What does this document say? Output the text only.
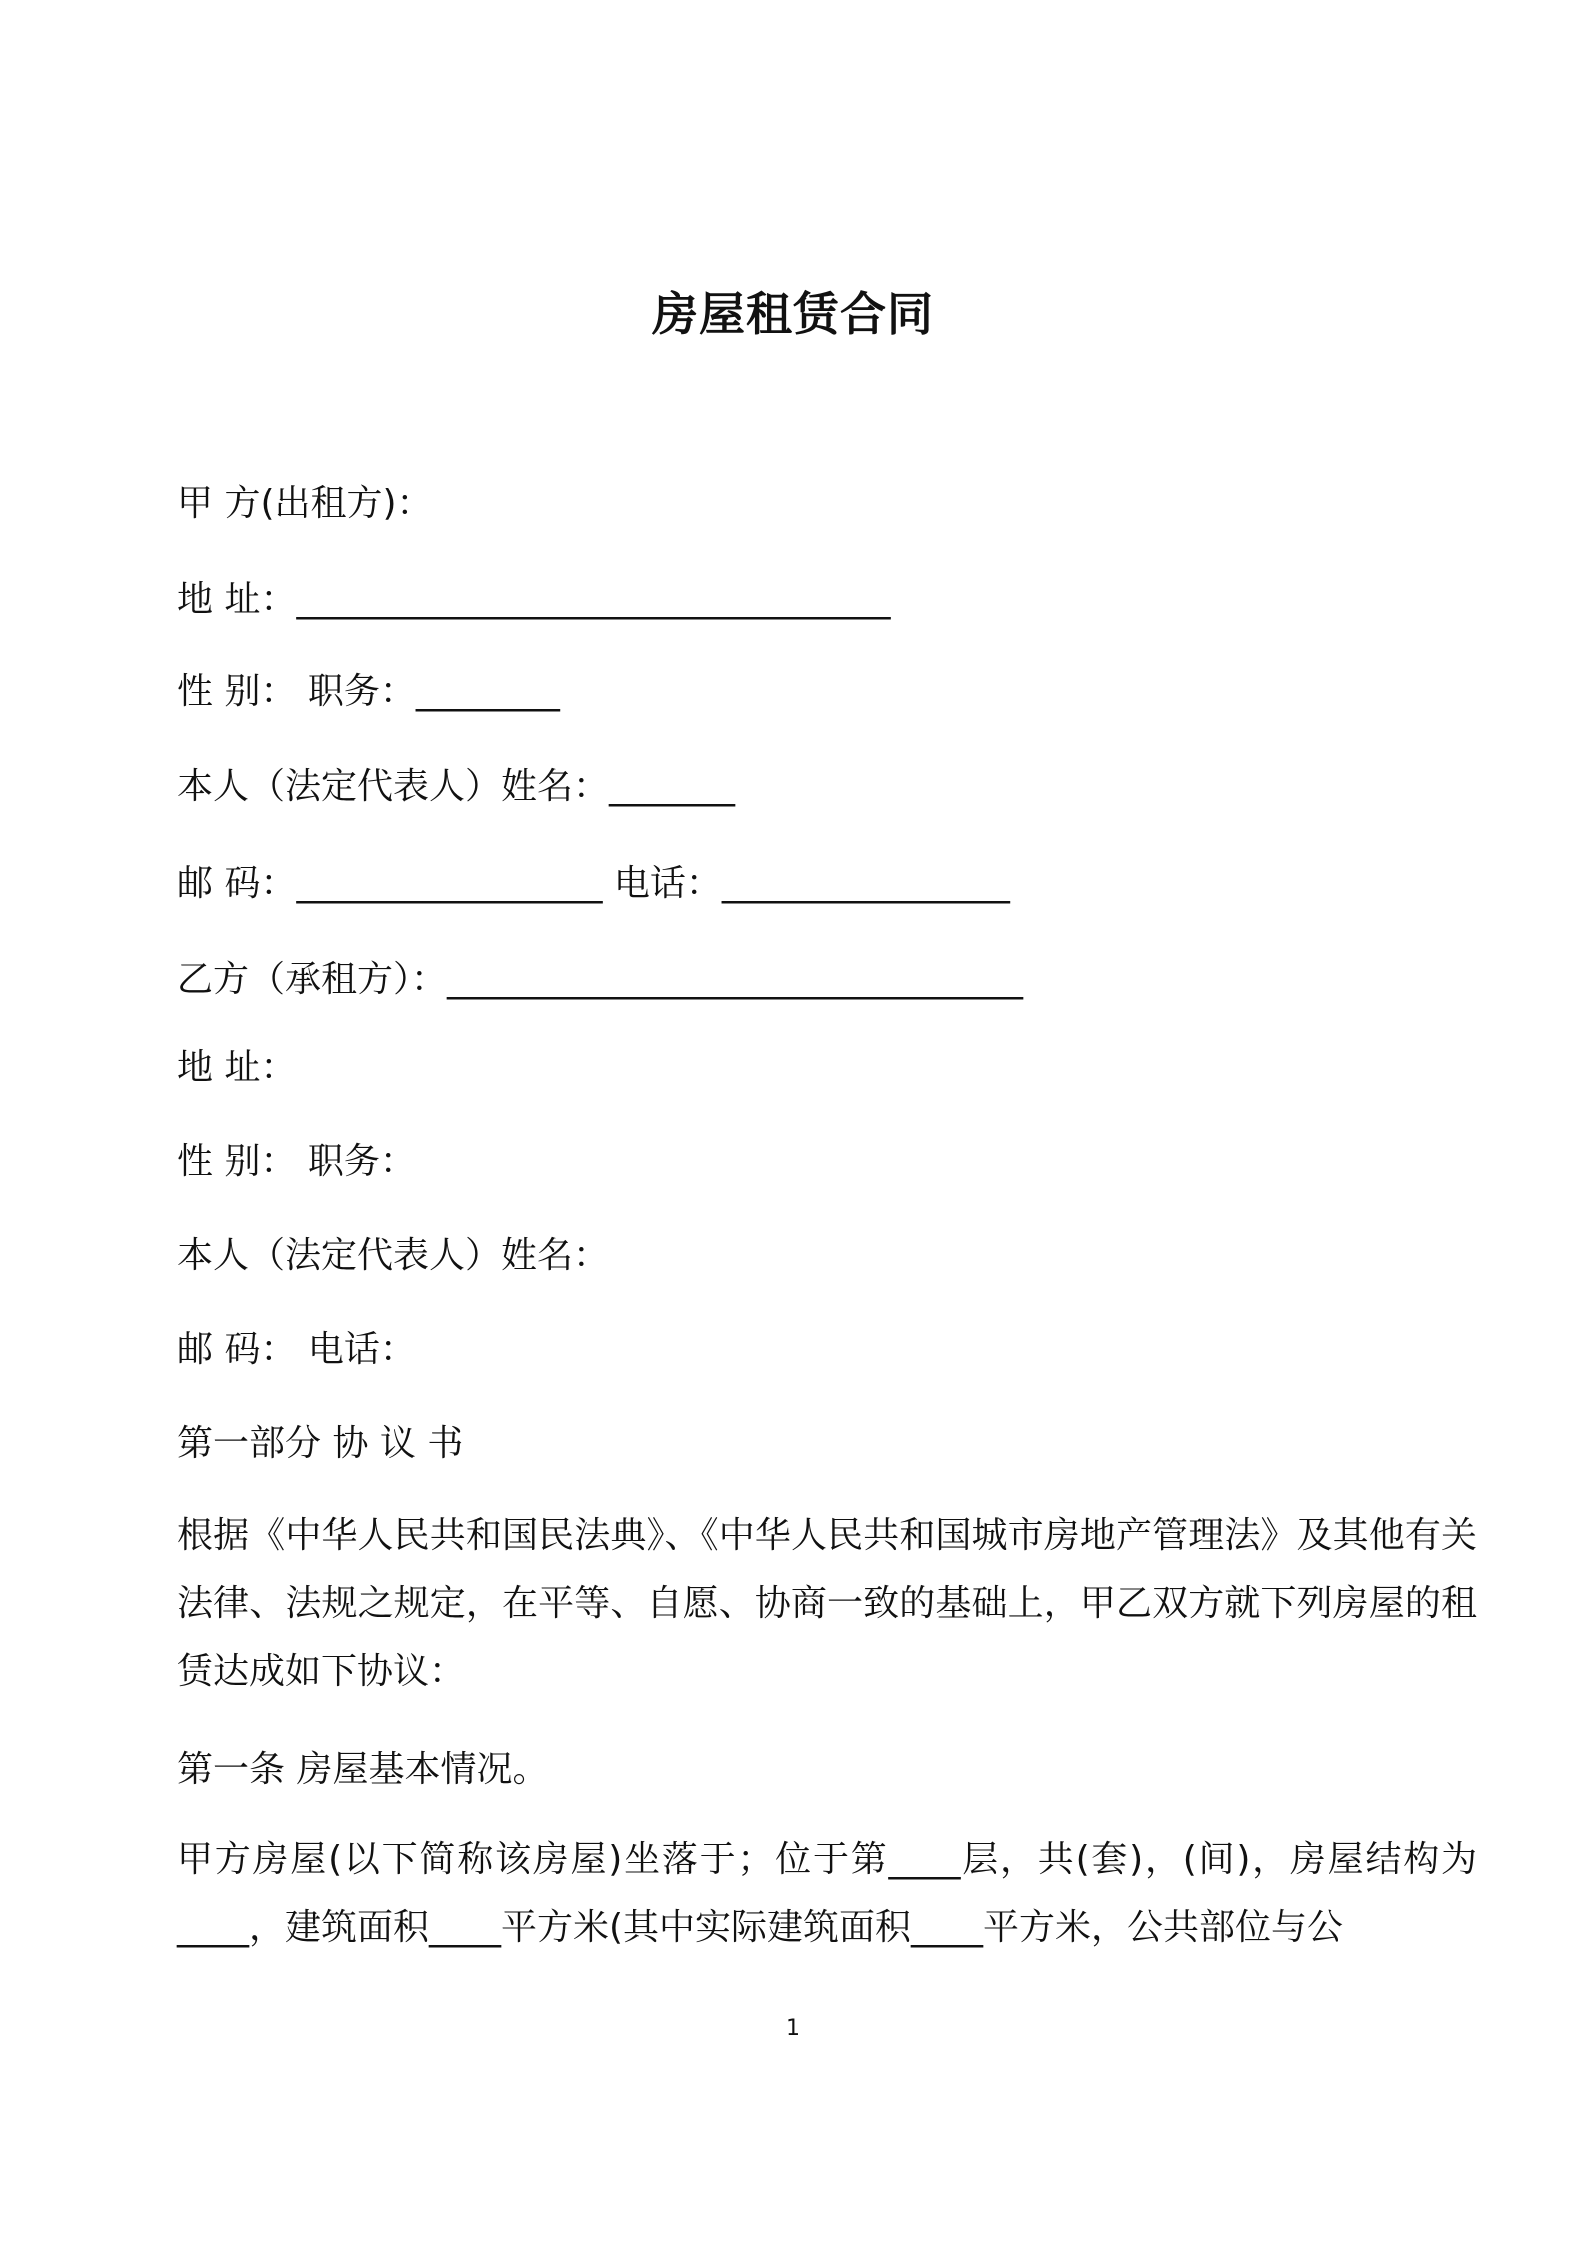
房屋租赁合同
甲 方(出租方)：
地 址：_________________________________
性 别： 职务：________
本人（法定代表人）姓名：_______
邮 码：_________________ 电话：________________
乙方（承租方）：________________________________
地 址：
性 别： 职务：
本人（法定代表人）姓名：
邮 码： 电话：
第一部分 协 议 书
根据《中华人民共和国民法典》、《中华人民共和国城市房地产管理法》及其他有关法律、法规之规定，在平等、自愿、协商一致的基础上，甲乙双方就下列房屋的租赁达成如下协议：
第一条 房屋基本情况。
甲方房屋(以下简称该房屋)坐落于；位于第____层，共(套)，(间)，房屋结构为____，建筑面积____平方米(其中实际建筑面积____平方米，公共部位与公
1
